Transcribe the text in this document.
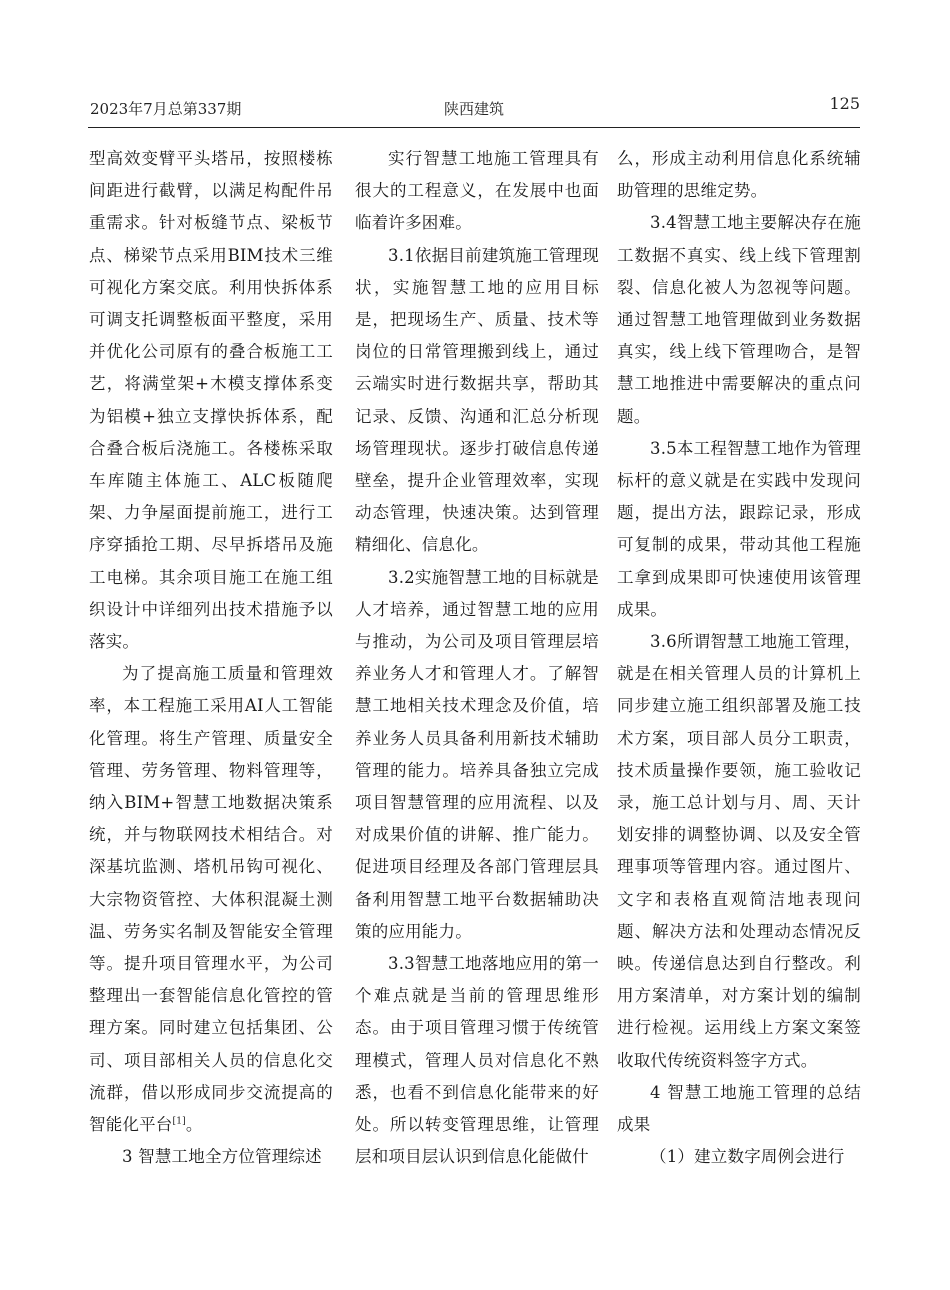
2023年7月总第337期	陕西建筑	125

型高效变臂平头塔吊，按照楼栋间距进行截臂，以满足构配件吊重需求。针对板缝节点、梁板节点、梯梁节点采用BIM技术三维可视化方案交底。利用快拆体系可调支托调整板面平整度，采用并优化公司原有的叠合板施工工艺，将满堂架+木模支撑体系变为铝模+独立支撑快拆体系，配合叠合板后浇施工。各楼栋采取车库随主体施工、ALC板随爬架、力争屋面提前施工，进行工序穿插抢工期、尽早拆塔吊及施工电梯。其余项目施工在施工组织设计中详细列出技术措施予以落实。

为了提高施工质量和管理效率，本工程施工采用AI人工智能化管理。将生产管理、质量安全管理、劳务管理、物料管理等，纳入BIM+智慧工地数据决策系统，并与物联网技术相结合。对深基坑监测、塔机吊钩可视化、大宗物资管控、大体积混凝土测温、劳务实名制及智能安全管理等。提升项目管理水平，为公司整理出一套智能信息化管控的管理方案。同时建立包括集团、公司、项目部相关人员的信息化交流群，借以形成同步交流提高的智能化平台[1]。

3 智慧工地全方位管理综述

实行智慧工地施工管理具有很大的工程意义，在发展中也面临着许多困难。

3.1依据目前建筑施工管理现状，实施智慧工地的应用目标是，把现场生产、质量、技术等岗位的日常管理搬到线上，通过云端实时进行数据共享，帮助其记录、反馈、沟通和汇总分析现场管理现状。逐步打破信息传递壁垒，提升企业管理效率，实现动态管理，快速决策。达到管理精细化、信息化。

3.2实施智慧工地的目标就是人才培养，通过智慧工地的应用与推动，为公司及项目管理层培养业务人才和管理人才。了解智慧工地相关技术理念及价值，培养业务人员具备利用新技术辅助管理的能力。培养具备独立完成项目智慧管理的应用流程、以及对成果价值的讲解、推广能力。促进项目经理及各部门管理层具备利用智慧工地平台数据辅助决策的应用能力。

3.3智慧工地落地应用的第一个难点就是当前的管理思维形态。由于项目管理习惯于传统管理模式，管理人员对信息化不熟悉，也看不到信息化能带来的好处。所以转变管理思维，让管理层和项目层认识到信息化能做什

么，形成主动利用信息化系统辅助管理的思维定势。

3.4智慧工地主要解决存在施工数据不真实、线上线下管理割裂、信息化被人为忽视等问题。通过智慧工地管理做到业务数据真实，线上线下管理吻合，是智慧工地推进中需要解决的重点问题。

3.5本工程智慧工地作为管理标杆的意义就是在实践中发现问题，提出方法，跟踪记录，形成可复制的成果，带动其他工程施工拿到成果即可快速使用该管理成果。

3.6所谓智慧工地施工管理，就是在相关管理人员的计算机上同步建立施工组织部署及施工技术方案，项目部人员分工职责，技术质量操作要领，施工验收记录，施工总计划与月、周、天计划安排的调整协调、以及安全管理事项等管理内容。通过图片、文字和表格直观简洁地表现问题、解决方法和处理动态情况反映。传递信息达到自行整改。利用方案清单，对方案计划的编制进行检视。运用线上方案文案签收取代传统资料签字方式。

4 智慧工地施工管理的总结成果

（1）建立数字周例会进行
